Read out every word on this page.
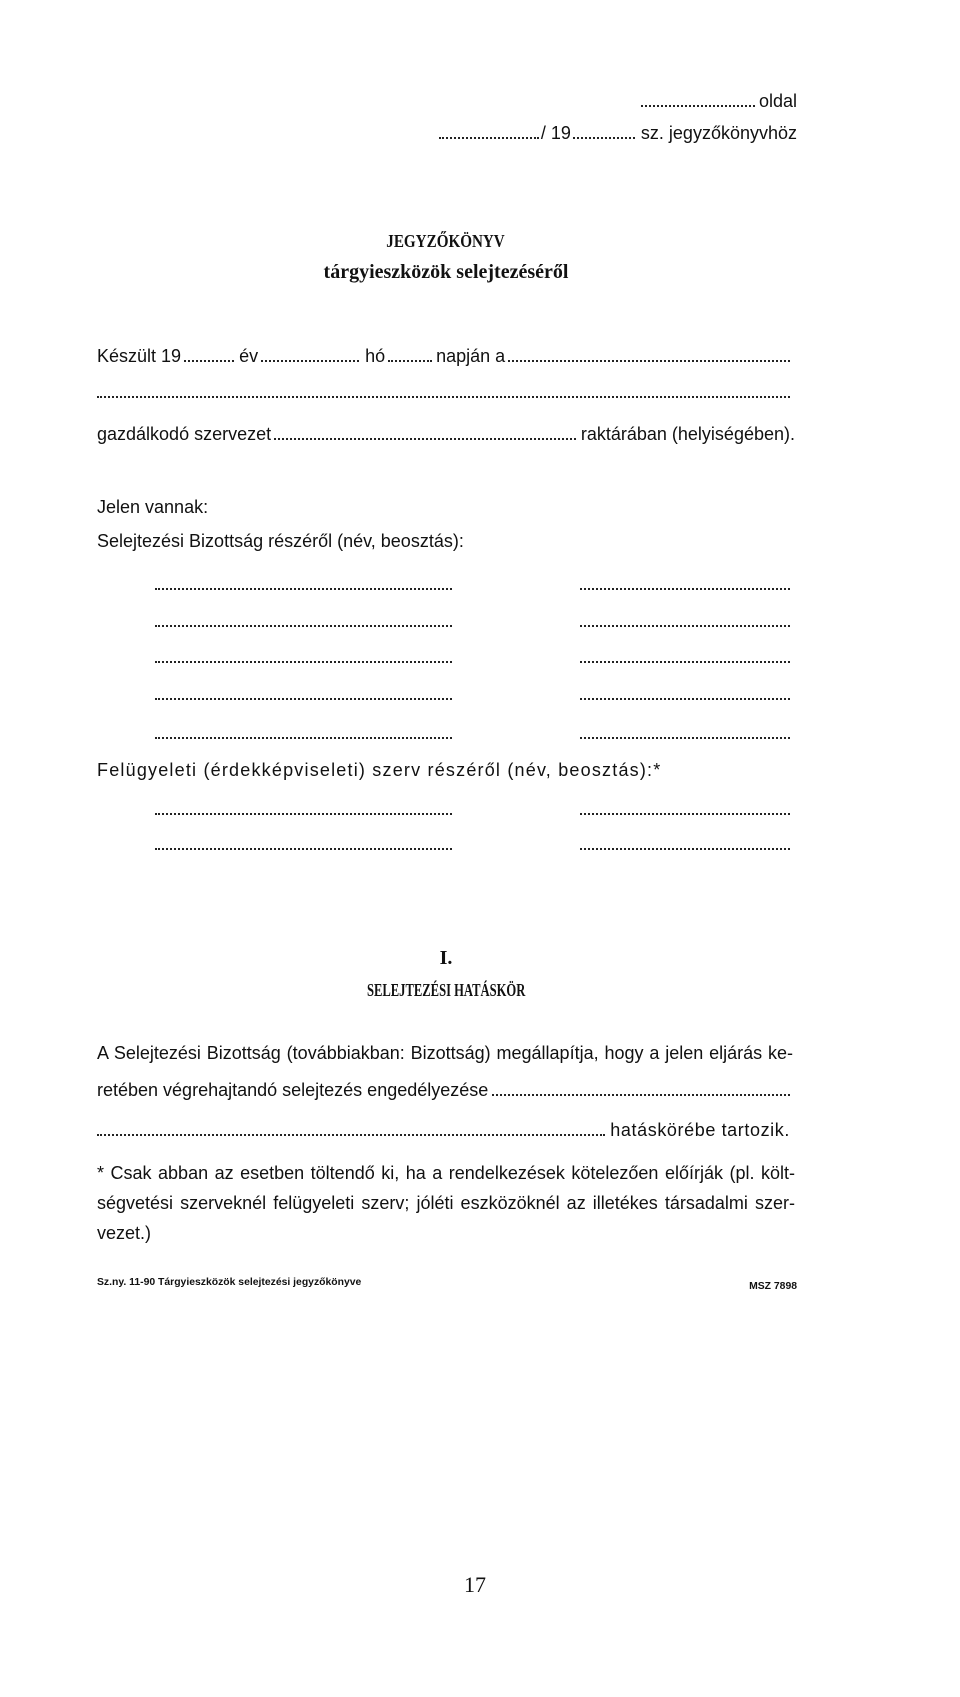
oldal
/ 19	sz. jegyzőkönyvhöz
JEGYZŐKÖNYV
tárgyieszközök selejtezéséről
Készült 19	év	hó	napján a
gazdálkodó szervezet	raktárában (helyiségében).
Jelen vannak:
Selejtezési Bizottság részéről (név, beosztás):
Felügyeleti (érdekképviseleti) szerv részéről (név, beosztás):*
I.
SELEJTEZÉSI HATÁSKÖR
A Selejtezési Bizottság (továbbiakban: Bizottság) megállapítja, hogy a jelen eljárás ke-
retében végrehajtandó selejtezés engedélyezése
hatáskörébe tartozik.
* Csak abban az esetben töltendő ki, ha a rendelkezések kötelezően előírják (pl. költ-
ségvetési szerveknél felügyeleti szerv; jóléti eszközöknél az illetékes társadalmi szer-
vezet.)
Sz.ny. 11-90 Tárgyieszközök selejtezési jegyzőkönyve	MSZ 7898
17
